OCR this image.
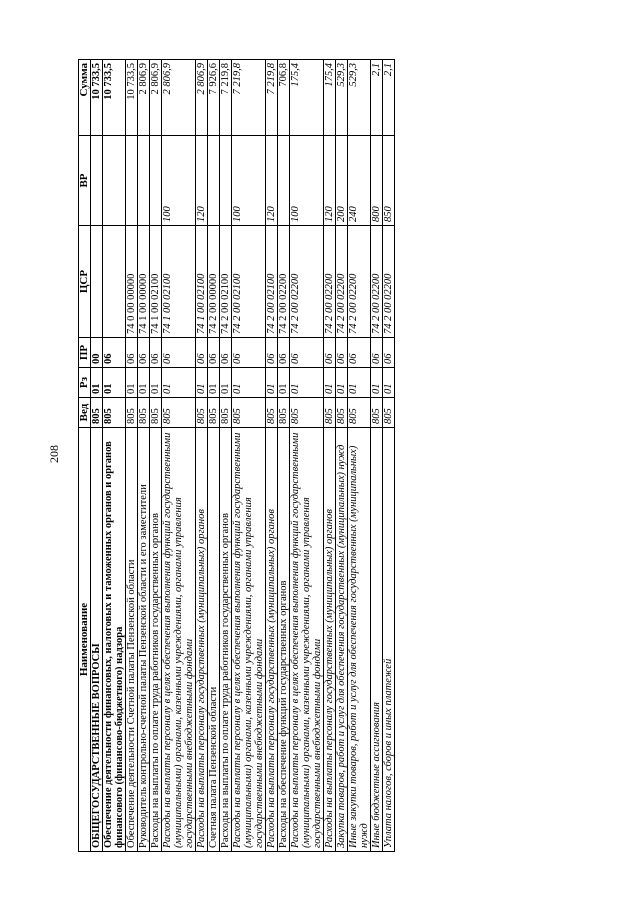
208
Наименование	Вед	Рз	ПР	ЦСР	ВР	Сумма
ОБЩЕГОСУДАРСТВЕННЫЕ ВОПРОСЫ	805	01	00			10 733,5
Обеспечение деятельности финансовых, налоговых и таможенных органов и органов финансового (финансово-бюджетного) надзора	805	01	06			10 733,5
Обеспечение деятельности Счетной палаты Пензенской области	805	01	06	74 0 00 00000		10 733,5
Руководитель контрольно-счетной палаты Пензенской области и его заместители	805	01	06	74 1 00 00000		2 806,9
Расходы на выплаты по оплате труда работников государственных органов	805	01	06	74 1 00 02100		2 806,9
Расходы на выплаты персоналу в целях обеспечения выполнения функций государственными (муниципальными) органами, казенными учреждениями, органами управления государственными внебюджетными фондами	805	01	06	74 1 00 02100	100	2 806,9
Расходы на выплаты персоналу государственных (муниципальных) органов	805	01	06	74 1 00 02100	120	2 806,9
Счетная палата Пензенской области	805	01	06	74 2 00 00000		7 926,6
Расходы на выплаты по оплате труда работников государственных органов	805	01	06	74 2 00 02100		7 219,8
Расходы на выплаты персоналу в целях обеспечения выполнения функций государственными (муниципальными) органами, казенными учреждениями, органами управления государственными внебюджетными фондами	805	01	06	74 2 00 02100	100	7 219,8
Расходы на выплаты персоналу государственных (муниципальных) органов	805	01	06	74 2 00 02100	120	7 219,8
Расходы на обеспечение функций государственных органов	805	01	06	74 2 00 02200		706,8
Расходы на выплаты персоналу в целях обеспечения выполнения функций государственными (муниципальными) органами, казенными учреждениями, органами управления государственными внебюджетными фондами	805	01	06	74 2 00 02200	100	175,4
Расходы на выплаты персоналу государственных (муниципальных) органов	805	01	06	74 2 00 02200	120	175,4
Закупка товаров, работ и услуг для обеспечения государственных (муниципальных) нужд	805	01	06	74 2 00 02200	200	529,3
Иные закупки товаров, работ и услуг для обеспечения государственных (муниципальных) нужд	805	01	06	74 2 00 02200	240	529,3
Иные бюджетные ассигнования	805	01	06	74 2 00 02200	800	2,1
Уплата налогов, сборов и иных платежей	805	01	06	74 2 00 02200	850	2,1
